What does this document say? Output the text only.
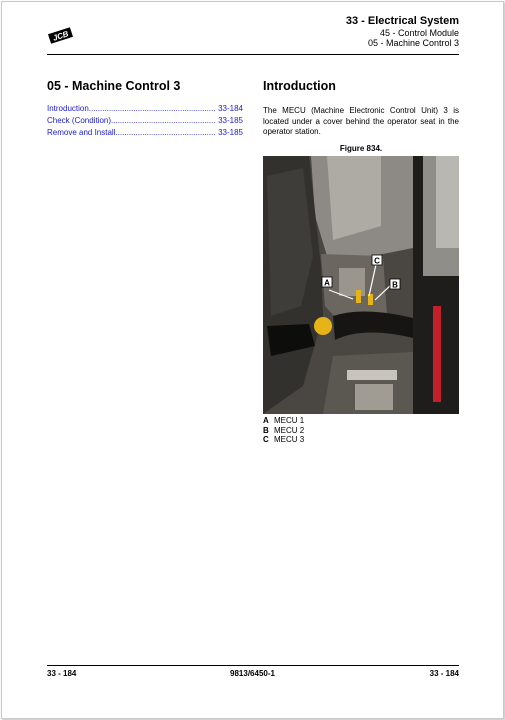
JCB
33 - Electrical System
45 - Control Module
05 - Machine Control 3
05 - Machine Control 3
Introduction .....	33-184
Check (Condition) .....	33-185
Remove and Install .....	33-185
Introduction

The MECU (Machine Electronic Control Unit) 3 is located under a cover behind the operator seat in the operator station.

Figure 834.
A
C
B
A MECU 1
B MECU 2
C MECU 3
33 - 184	9813/6450-1	33 - 184
